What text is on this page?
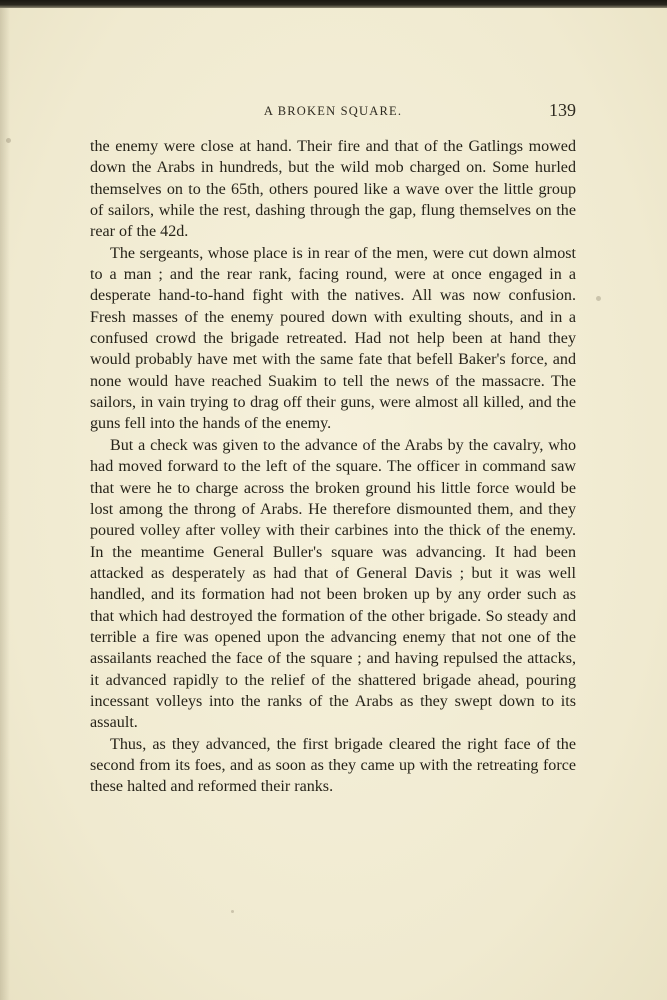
A BROKEN SQUARE.	139

the enemy were close at hand. Their fire and that of the Gatlings mowed down the Arabs in hundreds, but the wild mob charged on. Some hurled themselves on to the 65th, others poured like a wave over the little group of sailors, while the rest, dashing through the gap, flung themselves on the rear of the 42d.

The sergeants, whose place is in rear of the men, were cut down almost to a man ; and the rear rank, facing round, were at once engaged in a desperate hand-to-hand fight with the natives. All was now confusion. Fresh masses of the enemy poured down with exulting shouts, and in a confused crowd the brigade retreated. Had not help been at hand they would probably have met with the same fate that befell Baker's force, and none would have reached Suakim to tell the news of the massacre. The sailors, in vain trying to drag off their guns, were almost all killed, and the guns fell into the hands of the enemy.

But a check was given to the advance of the Arabs by the cavalry, who had moved forward to the left of the square. The officer in command saw that were he to charge across the broken ground his little force would be lost among the throng of Arabs. He therefore dismounted them, and they poured volley after volley with their carbines into the thick of the enemy. In the meantime General Buller's square was advancing. It had been attacked as desperately as had that of General Davis ; but it was well handled, and its formation had not been broken up by any order such as that which had destroyed the formation of the other brigade. So steady and terrible a fire was opened upon the advancing enemy that not one of the assailants reached the face of the square ; and having repulsed the attacks, it advanced rapidly to the relief of the shattered brigade ahead, pouring incessant volleys into the ranks of the Arabs as they swept down to its assault.

Thus, as they advanced, the first brigade cleared the right face of the second from its foes, and as soon as they came up with the retreating force these halted and reformed their ranks.
